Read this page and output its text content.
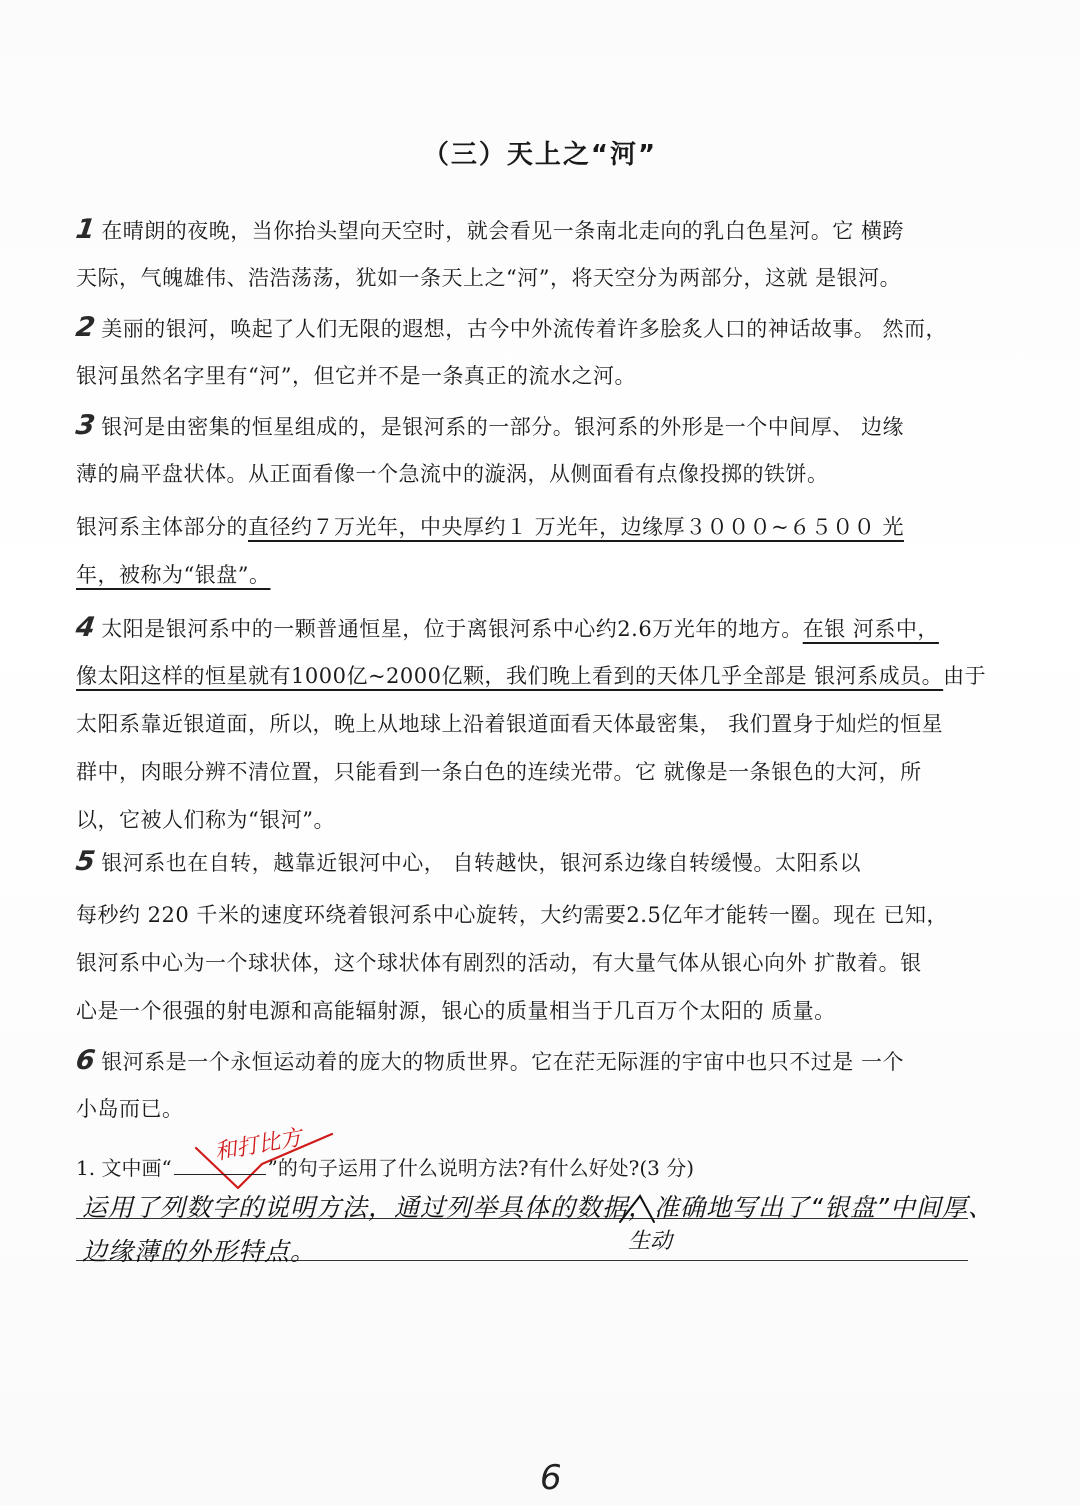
（三）天上之“河”
1 在晴朗的夜晚，当你抬头望向天空时，就会看见一条南北走向的乳白色星河。它 横跨
天际，气魄雄伟、浩浩荡荡，犹如一条天上之“河”，将天空分为两部分，这就 是银河。
2 美丽的银河，唤起了人们无限的遐想，古今中外流传着许多脍炙人口的神话故事。 然而，
银河虽然名字里有“河”，但它并不是一条真正的流水之河。
3 银河是由密集的恒星组成的，是银河系的一部分。银河系的外形是一个中间厚、 边缘
薄的扁平盘状体。从正面看像一个急流中的漩涡，从侧面看有点像投掷的铁饼。
银河系主体部分的直径约７万光年，中央厚约１ 万光年，边缘厚３０００~６５００ 光
年，被称为“银盘”。
4 太阳是银河系中的一颗普通恒星，位于离银河系中心约2.6万光年的地方。在银 河系中，
像太阳这样的恒星就有1000亿~2000亿颗，我们晚上看到的天体几乎全部是 银河系成员。由于
太阳系靠近银道面，所以，晚上从地球上沿着银道面看天体最密集， 我们置身于灿烂的恒星
群中，肉眼分辨不清位置，只能看到一条白色的连续光带。它 就像是一条银色的大河，所
以，它被人们称为“银河”。
5 银河系也在自转，越靠近银河中心， 自转越快，银河系边缘自转缓慢。太阳系以
每秒约 220 千米的速度环绕着银河系中心旋转，大约需要2.5亿年才能转一圈。现在 已知，
银河系中心为一个球状体，这个球状体有剧烈的活动，有大量气体从银心向外 扩散着。银
心是一个很强的射电源和高能辐射源，银心的质量相当于几百万个太阳的 质量。
6 银河系是一个永恒运动着的庞大的物质世界。它在茫无际涯的宇宙中也只不过是 一个
小岛而已。
和打比方
1. 文中画“	”的句子运用了什么说明方法?有什么好处?(3 分)
运用了列数字的说明方法，通过列举具体的数据，准确地写出了“银盘”中间厚、
边缘薄的外形特点。	生动
6
